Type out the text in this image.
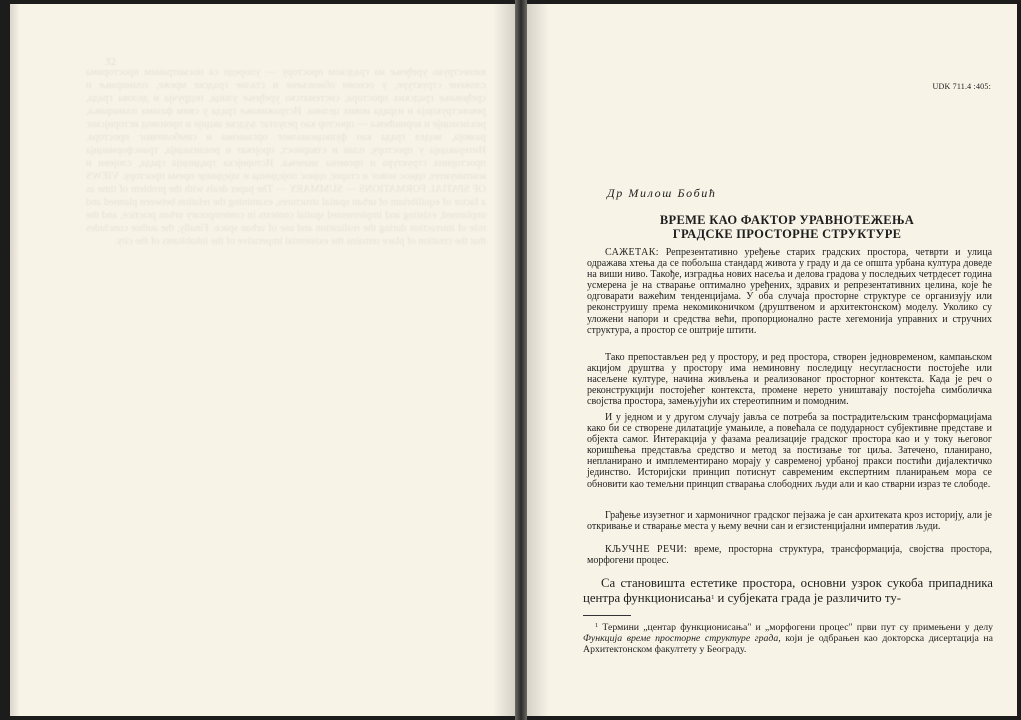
32
вишеструко уређење на градском простору — упоредо са посматраним просторима сложене структуре, у основи обновљене и сталне градске мреже, планирање и сређивање градских простора, систематско уређење улица, подручја и делова града, реконструкција и израда нових целина. Истраживање града у свим фазама планирања, реализације и коришћења — простор као резултат људске акције и производ историјског развоја, модел града као функционалног организма и симболичког простора. Интеракција у простору, план и стварност, пројекат и реализација, трансформација просторних структура и промена значења. Историјска традиција града, слојеви и континуитет, однос новог и старог, однос појединца и заједнице према простору. VIEWS OF SPATIAL FORMATIONS — SUMMARY — The paper deals with the problem of time as a factor of equilibrium of urban spatial structures, examining the relation between planned and unplanned, existing and implemented spatial contexts in contemporary urban practice, and the role of interaction during the realization and use of urban space. Finally, the author concludes that the creation of place remains the existential imperative of the inhabitants of the city.
UDK 711.4 :405:
Др Милош Бобић
ВРЕМЕ КАО ФАКТОР УРАВНОТЕЖЕЊА
ГРАДСКЕ ПРОСТОРНЕ СТРУКТУРЕ

САЖЕТАК: Репрезентативно уређење старих градских простора, четврти и улица одражава хтења да се побољша стандард живота у граду и да се општа урбана култура доведе на виши ниво. Такође, изградња нових насеља и делова градова у последњих четрдесет година усмерена је на стварање оптимално уређених, здравих и репрезентативних целина, које ће одговарати важећим тенденцијама. У оба случаја просторне структуре се организују или реконструишу према некомиконичком (друштвеном и архитектонском) моделу. Уколико су уложени напори и средства већи, пропорционално расте хегемонија управних и стручних структура, а простор се оштрије штити.

Тако препостављен ред у простору, и ред простора, створен једновременом, кампањском акцијом друштва у простору има неминовну последицу несугласности постојеће или насељене културе, начина живљења и реализованог просторног контекста. Када је реч о реконструкцији постојећег контекста, промене нерето уништавају постојећа симболичка својства простора, замењујући их стереотипним и помодним.

И у једном и у другом случају јавља се потреба за пострадитељским трансформацијама како би се створене дилатације умањиле, а повећала се подударност субјективне представе и објекта самог. Интеракција у фазама реализације градског простора као и у току његовог коришћења представља средство и метод за постизање тог циља. Затечено, планирано, непланирано и имплементирано морају у савременој урбаној пракси постићи дијалектичко јединство. Историјски принцип потиснут савременим експертним планирањем мора се обновити као темељни принцип стварања слободних људи али и као стварни израз те слободе.

Грађење изузетног и хармоничног градског пејзажа је сан архитеката кроз историју, али је откривање и стварање места у њему вечни сан и егзистенцијални императив људи.

КЉУЧНЕ РЕЧИ: време, просторна структура, трансформација, својства простора, морфогени процес.

Са становишта естетике простора, основни узрок сукоба припадника центра функционисања$^1$ и субјеката града је различито ту-

$^1$ Термини „центар функционисања" и „морфогени процес" први пут су примењени у делу Функција време просторне структуре града, који је одбрањен као докторска дисертација на Архитектонском факултету у Београду.
